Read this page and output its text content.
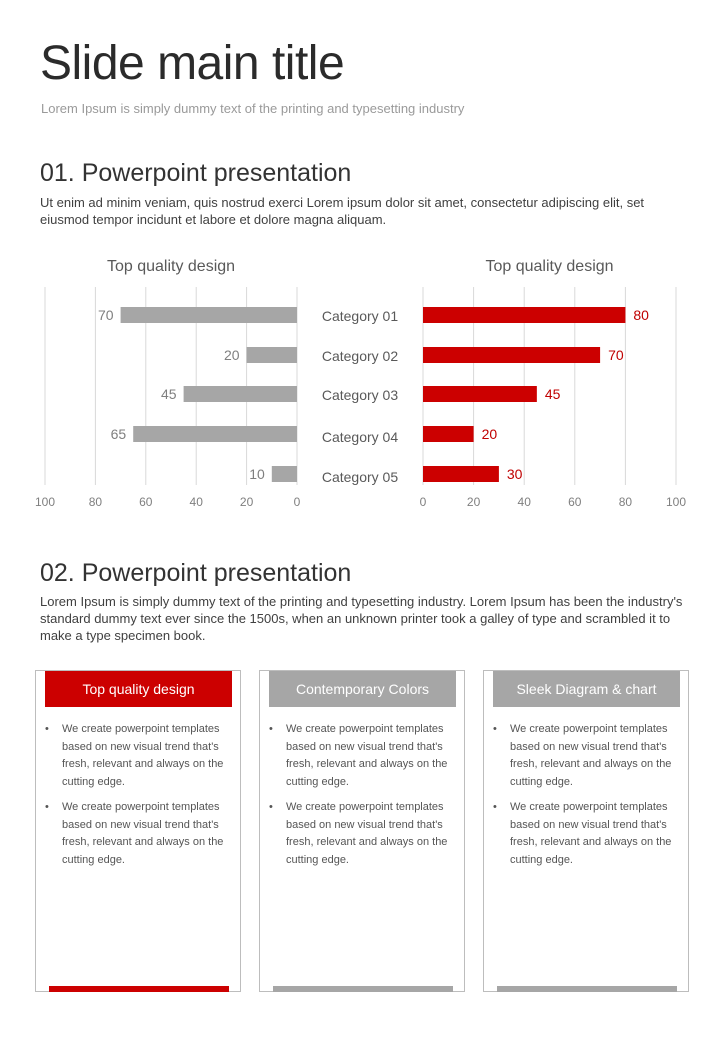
Slide main title
Lorem Ipsum is simply dummy text of the printing and typesetting industry
01. Powerpoint presentation
Ut enim ad minim veniam, quis nostrud exerci Lorem ipsum dolor sit amet, consectetur adipiscing elit, set eiusmod tempor incidunt et labore et dolore magna aliquam.
Top quality design
100	80	60	40	20	0
70
20
45
65
10
Category 01
Category 02
Category 03
Category 04
Category 05
Top quality design
0	20	40	60	80	100
80
70
45
20
30
02. Powerpoint presentation
Lorem Ipsum is simply dummy text of the printing and typesetting industry. Lorem Ipsum has been the industry's standard dummy text ever since the 1500s, when an unknown printer took a galley of type and scrambled it to make a type specimen book.
Top quality design
• We create powerpoint templates based on new visual trend that's fresh, relevant and always on the cutting edge.
• We create powerpoint templates based on new visual trend that's fresh, relevant and always on the cutting edge.
Contemporary Colors
• We create powerpoint templates based on new visual trend that's fresh, relevant and always on the cutting edge.
• We create powerpoint templates based on new visual trend that's fresh, relevant and always on the cutting edge.
Sleek Diagram & chart
• We create powerpoint templates based on new visual trend that's fresh, relevant and always on the cutting edge.
• We create powerpoint templates based on new visual trend that's fresh, relevant and always on the cutting edge.
